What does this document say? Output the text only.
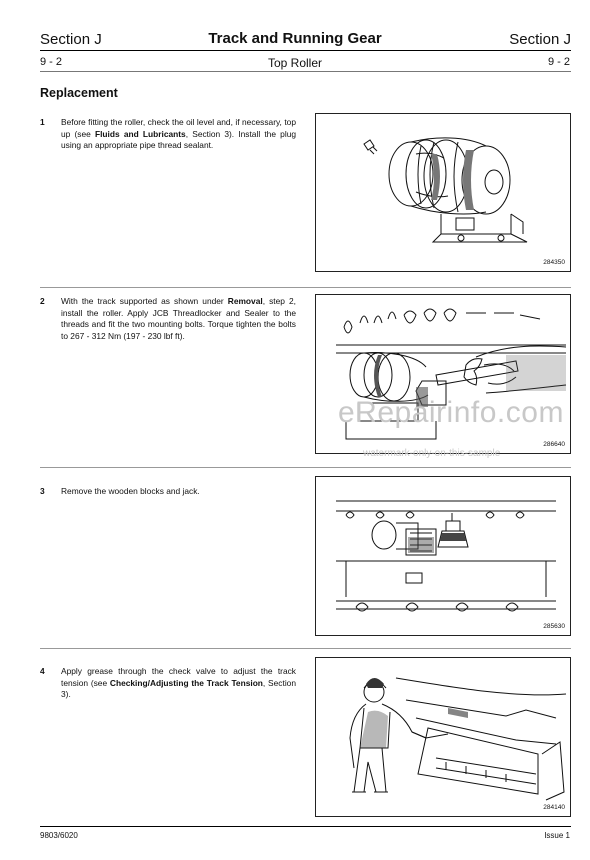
Section J	Track and Running Gear	Section J
9 - 2	Top Roller	9 - 2
Replacement
1 Before fitting the roller, check the oil level and, if necessary, top up (see Fluids and Lubricants, Section 3). Install the plug using an appropriate pipe thread sealant.
284350
2 With the track supported as shown under Removal, step 2, install the roller. Apply JCB Threadlocker and Sealer to the threads and fit the two mounting bolts. Torque tighten the bolts to 267 - 312 Nm (197 - 230 lbf ft).
286640
3 Remove the wooden blocks and jack.
285630
4 Apply grease through the check valve to adjust the track tension (see Checking/Adjusting the Track Tension, Section 3).
284140
eRepairinfo.com
watermark-only-on-this-sample
9803/6020	Issue 1
